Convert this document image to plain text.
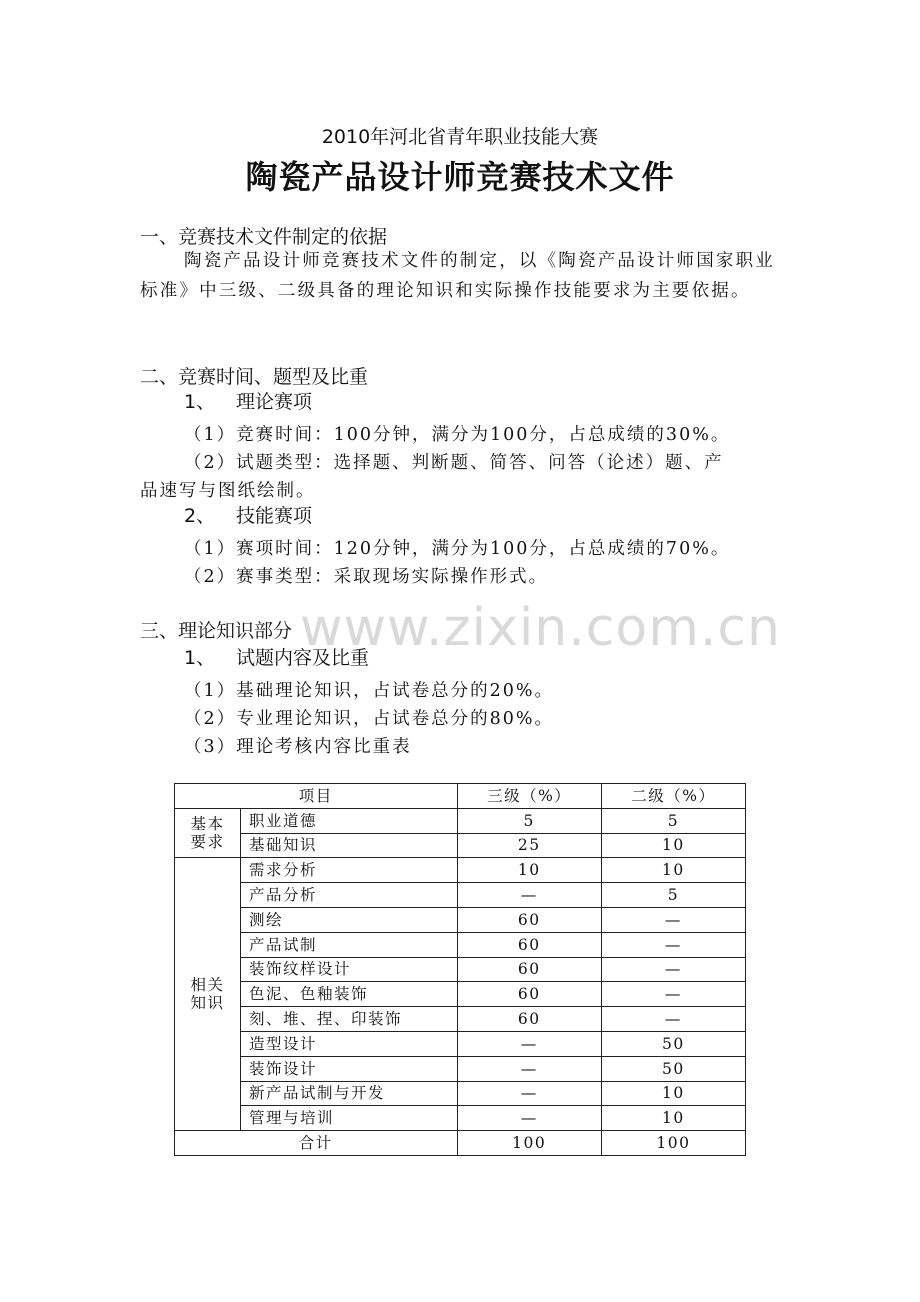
2010年河北省青年职业技能大赛
陶瓷产品设计师竞赛技术文件
一、竞赛技术文件制定的依据
陶瓷产品设计师竞赛技术文件的制定，以《陶瓷产品设计师国家职业标准》中三级、二级具备的理论知识和实际操作技能要求为主要依据。
二、竞赛时间、题型及比重
1、 理论赛项
（1）竞赛时间：100分钟，满分为100分，占总成绩的30%。
（2）试题类型：选择题、判断题、简答、问答（论述）题、产
品速写与图纸绘制。
2、 技能赛项
（1）赛项时间：120分钟，满分为100分，占总成绩的70%。
（2）赛事类型：采取现场实际操作形式。
www.zixin.com.cn
三、理论知识部分
1、 试题内容及比重
（1）基础理论知识，占试卷总分的20%。
（2）专业理论知识，占试卷总分的80%。
（3）理论考核内容比重表
项目		三级（%）	二级（%）
基本
要求	职业道德	5	5
	基础知识	25	10
相关
知识	需求分析	10	10
	产品分析	—	5
	测绘	60	—
	产品试制	60	—
	装饰纹样设计	60	—
	色泥、色釉装饰	60	—
	刻、堆、捏、印装饰	60	—
	造型设计	—	50
	装饰设计	—	50
	新产品试制与开发	—	10
	管理与培训	—	10
合计		100	100
